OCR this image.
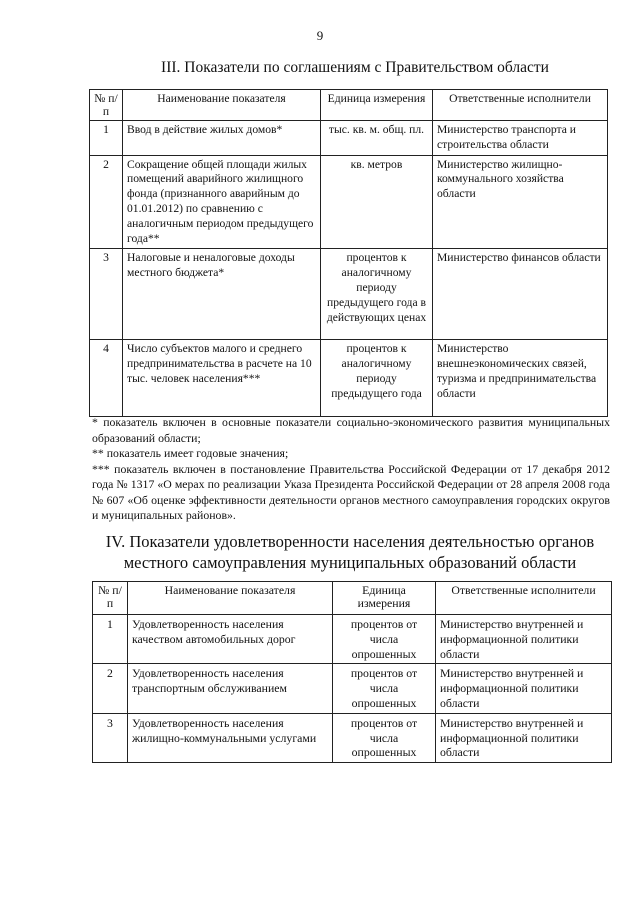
9
III. Показатели по соглашениям с Правительством области
№ п/п	Наименование показателя	Единица измерения	Ответственные исполнители
1	Ввод в действие жилых домов*	тыс. кв. м. общ. пл.	Министерство транспорта и строительства области
2	Сокращение общей площади жилых помещений аварийного жилищного фонда (признанного аварийным до 01.01.2012) по сравнению с аналогичным периодом предыдущего года**	кв. метров	Министерство жилищно-коммунального хозяйства области
3	Налоговые и неналоговые доходы местного бюджета*	процентов к аналогичному периоду предыдущего года в действующих ценах	Министерство финансов области
4	Число субъектов малого и среднего предпринимательства в расчете на 10 тыс. человек населения***	процентов к аналогичному периоду предыдущего года	Министерство внешнеэкономических связей, туризма и предпринимательства области

* показатель включен в основные показатели социально-экономического развития муниципальных образований области;

** показатель имеет годовые значения;

*** показатель включен в постановление Правительства Российской Федерации от 17 декабря 2012 года № 1317 «О мерах по реализации Указа Президента Российской Федерации от 28 апреля 2008 года № 607 «Об оценке эффективности деятельности органов местного самоуправления городских округов и муниципальных районов».

IV. Показатели удовлетворенности населения деятельностью органов местного самоуправления муниципальных образований области
№ п/п	Наименование показателя	Единица измерения	Ответственные исполнители
1	Удовлетворенность населения качеством автомобильных дорог	процентов от числа опрошенных	Министерство внутренней и информационной политики области
2	Удовлетворенность населения транспортным обслуживанием	процентов от числа опрошенных	Министерство внутренней и информационной политики области
3	Удовлетворенность населения жилищно-коммунальными услугами	процентов от числа опрошенных	Министерство внутренней и информационной политики области
